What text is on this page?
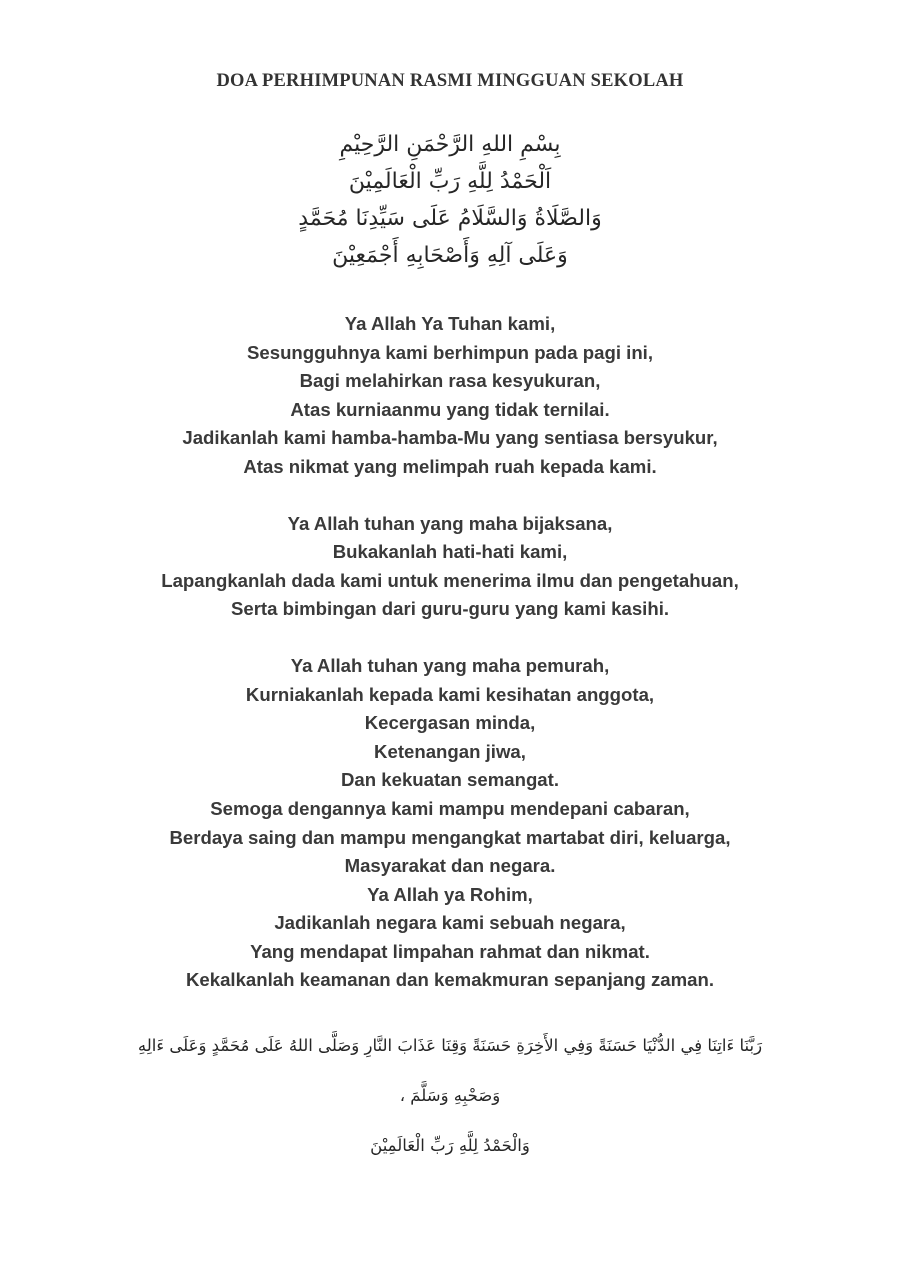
DOA PERHIMPUNAN RASMI MINGGUAN SEKOLAH
بِسْمِ اللهِ الرَّحْمَنِ الرَّحِيْمِ
اَلْحَمْدُ لِلَّهِ رَبِّ الْعَالَمِيْنَ
وَالصَّلَاةُ وَالسَّلَامُ عَلَى سَيِّدِنَا مُحَمَّدٍ
وَعَلَى آلِهِ وَأَصْحَابِهِ أَجْمَعِيْنَ
Ya Allah Ya Tuhan kami,
Sesungguhnya kami berhimpun pada pagi ini,
Bagi melahirkan rasa kesyukuran,
Atas kurniaanmu yang tidak ternilai.
Jadikanlah kami hamba-hamba-Mu yang sentiasa bersyukur,
Atas nikmat yang melimpah ruah kepada kami.
Ya Allah tuhan yang maha bijaksana,
Bukakanlah hati-hati kami,
Lapangkanlah dada kami untuk menerima ilmu dan pengetahuan,
Serta bimbingan dari guru-guru yang kami kasihi.
Ya Allah tuhan yang maha pemurah,
Kurniakanlah kepada kami kesihatan anggota,
Kecergasan minda,
Ketenangan jiwa,
Dan kekuatan semangat.
Semoga dengannya kami mampu mendepani cabaran,
Berdaya saing dan mampu mengangkat martabat diri, keluarga,
Masyarakat dan negara.
Ya Allah ya Rohim,
Jadikanlah negara kami sebuah negara,
Yang mendapat limpahan rahmat dan nikmat.
Kekalkanlah keamanan dan kemakmuran sepanjang zaman.
رَبَّنَا ءَاتِنَا فِي الدُّنْيَا حَسَنَةً وَفِي الأَخِرَةِ حَسَنَةً وَقِنَا عَذَابَ النَّارِ وَصَلَّى اللهُ عَلَى مُحَمَّدٍ وَعَلَى ءَالِهِ
وَصَحْبِهِ وَسَلَّمَ ،
وَالْحَمْدُ لِلَّهِ رَبِّ الْعَالَمِيْنَ
